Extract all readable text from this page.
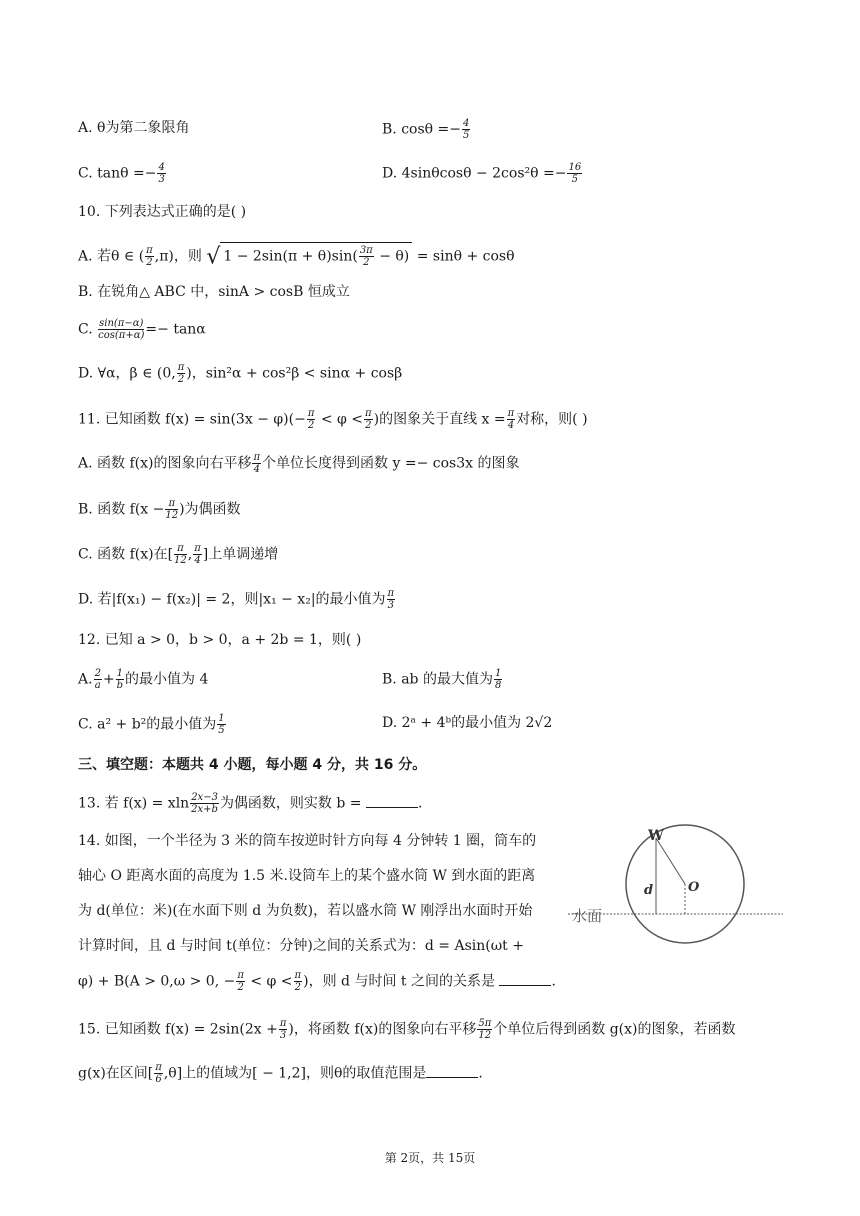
A. θ为第二象限角	B. $\cos\theta =- \frac{4}{5}$
C. $\tan\theta =- \frac{4}{3}$	D. $4\sin\theta\cos\theta - 2\cos^2\theta =- \frac{16}{5}$
10. 下列表达式正确的是( )
A. 若θ ∈ ( $\frac{\pi}{2} ,\pi$)，则 √ $1 - 2\sin(\pi + \theta)\sin( \frac{3\pi}{2} - \theta) = \sin\theta + \cos\theta$
B. 在锐角△ ABC 中，sinA > cosB 恒成立
C. $\frac{\sin(\pi-\alpha)}{\cos(\pi+\alpha)} =- \tan\alpha$
D. ∀α，β ∈ (0, $\frac{\pi}{2}$ )，sin²α + cos²β < sinα + cosβ
11. 已知函数 $f(x) = \sin(3x - \varphi)(- \frac{\pi}{2} < \varphi < \frac{\pi}{2}$ )的图象关于直线 $x = \frac{\pi}{4}$ 对称，则( )
A. 函数 f(x)的图象向右平移 $\frac{\pi}{4}$ 个单位长度得到函数 y =− cos3x 的图象
B. 函数 $f(x - \frac{\pi}{12}$ )为偶函数
C. 函数 f(x)在[ $\frac{\pi}{12}$ , $\frac{\pi}{4}$ ]上单调递增
D. 若|f(x₁) − f(x₂)| = 2，则|x₁ − x₂|的最小值为 $\frac{\pi}{3}$
12. 已知 a > 0，b > 0，a + 2b = 1，则( )
A. $\frac{2}{a} + \frac{1}{b}$ 的最小值为 4	B. ab 的最大值为 $\frac{1}{8}$
C. a² + b²的最小值为 $\frac{1}{5}$	D. 2ᵃ + 4ᵇ的最小值为 2√2
三、填空题：本题共 4 小题，每小题 4 分，共 16 分。
13. 若 f(x) = xln $\frac{2x-3}{2x+b}$ 为偶函数，则实数 b =	.
14. 如图，一个半径为 3 米的筒车按逆时针方向每 4 分钟转 1 圈，筒车的
轴心 O 距离水面的高度为 1.5 米.设筒车上的某个盛水筒 W 到水面的距离
为 d(单位：米)(在水面下则 d 为负数)，若以盛水筒 W 刚浮出水面时开始
计算时间，且 d 与时间 t(单位：分钟)之间的关系式为：d = Asin(ωt +
φ) + B(A > 0,ω > 0, − $\frac{\pi}{2} < \varphi < \frac{\pi}{2}$ )，则 d 与时间 t 之间的关系是	.
W
d	O
水面
15. 已知函数 $f(x) = 2\sin(2x + \frac{\pi}{3}$ )，将函数 f(x)的图象向右平移 $\frac{5\pi}{12}$ 个单位后得到函数 g(x)的图象，若函数
g(x)在区间[ $\frac{\pi}{6} ,\theta$]上的值域为[ − 1,2]，则θ的取值范围是	.
第 2页，共 15页
